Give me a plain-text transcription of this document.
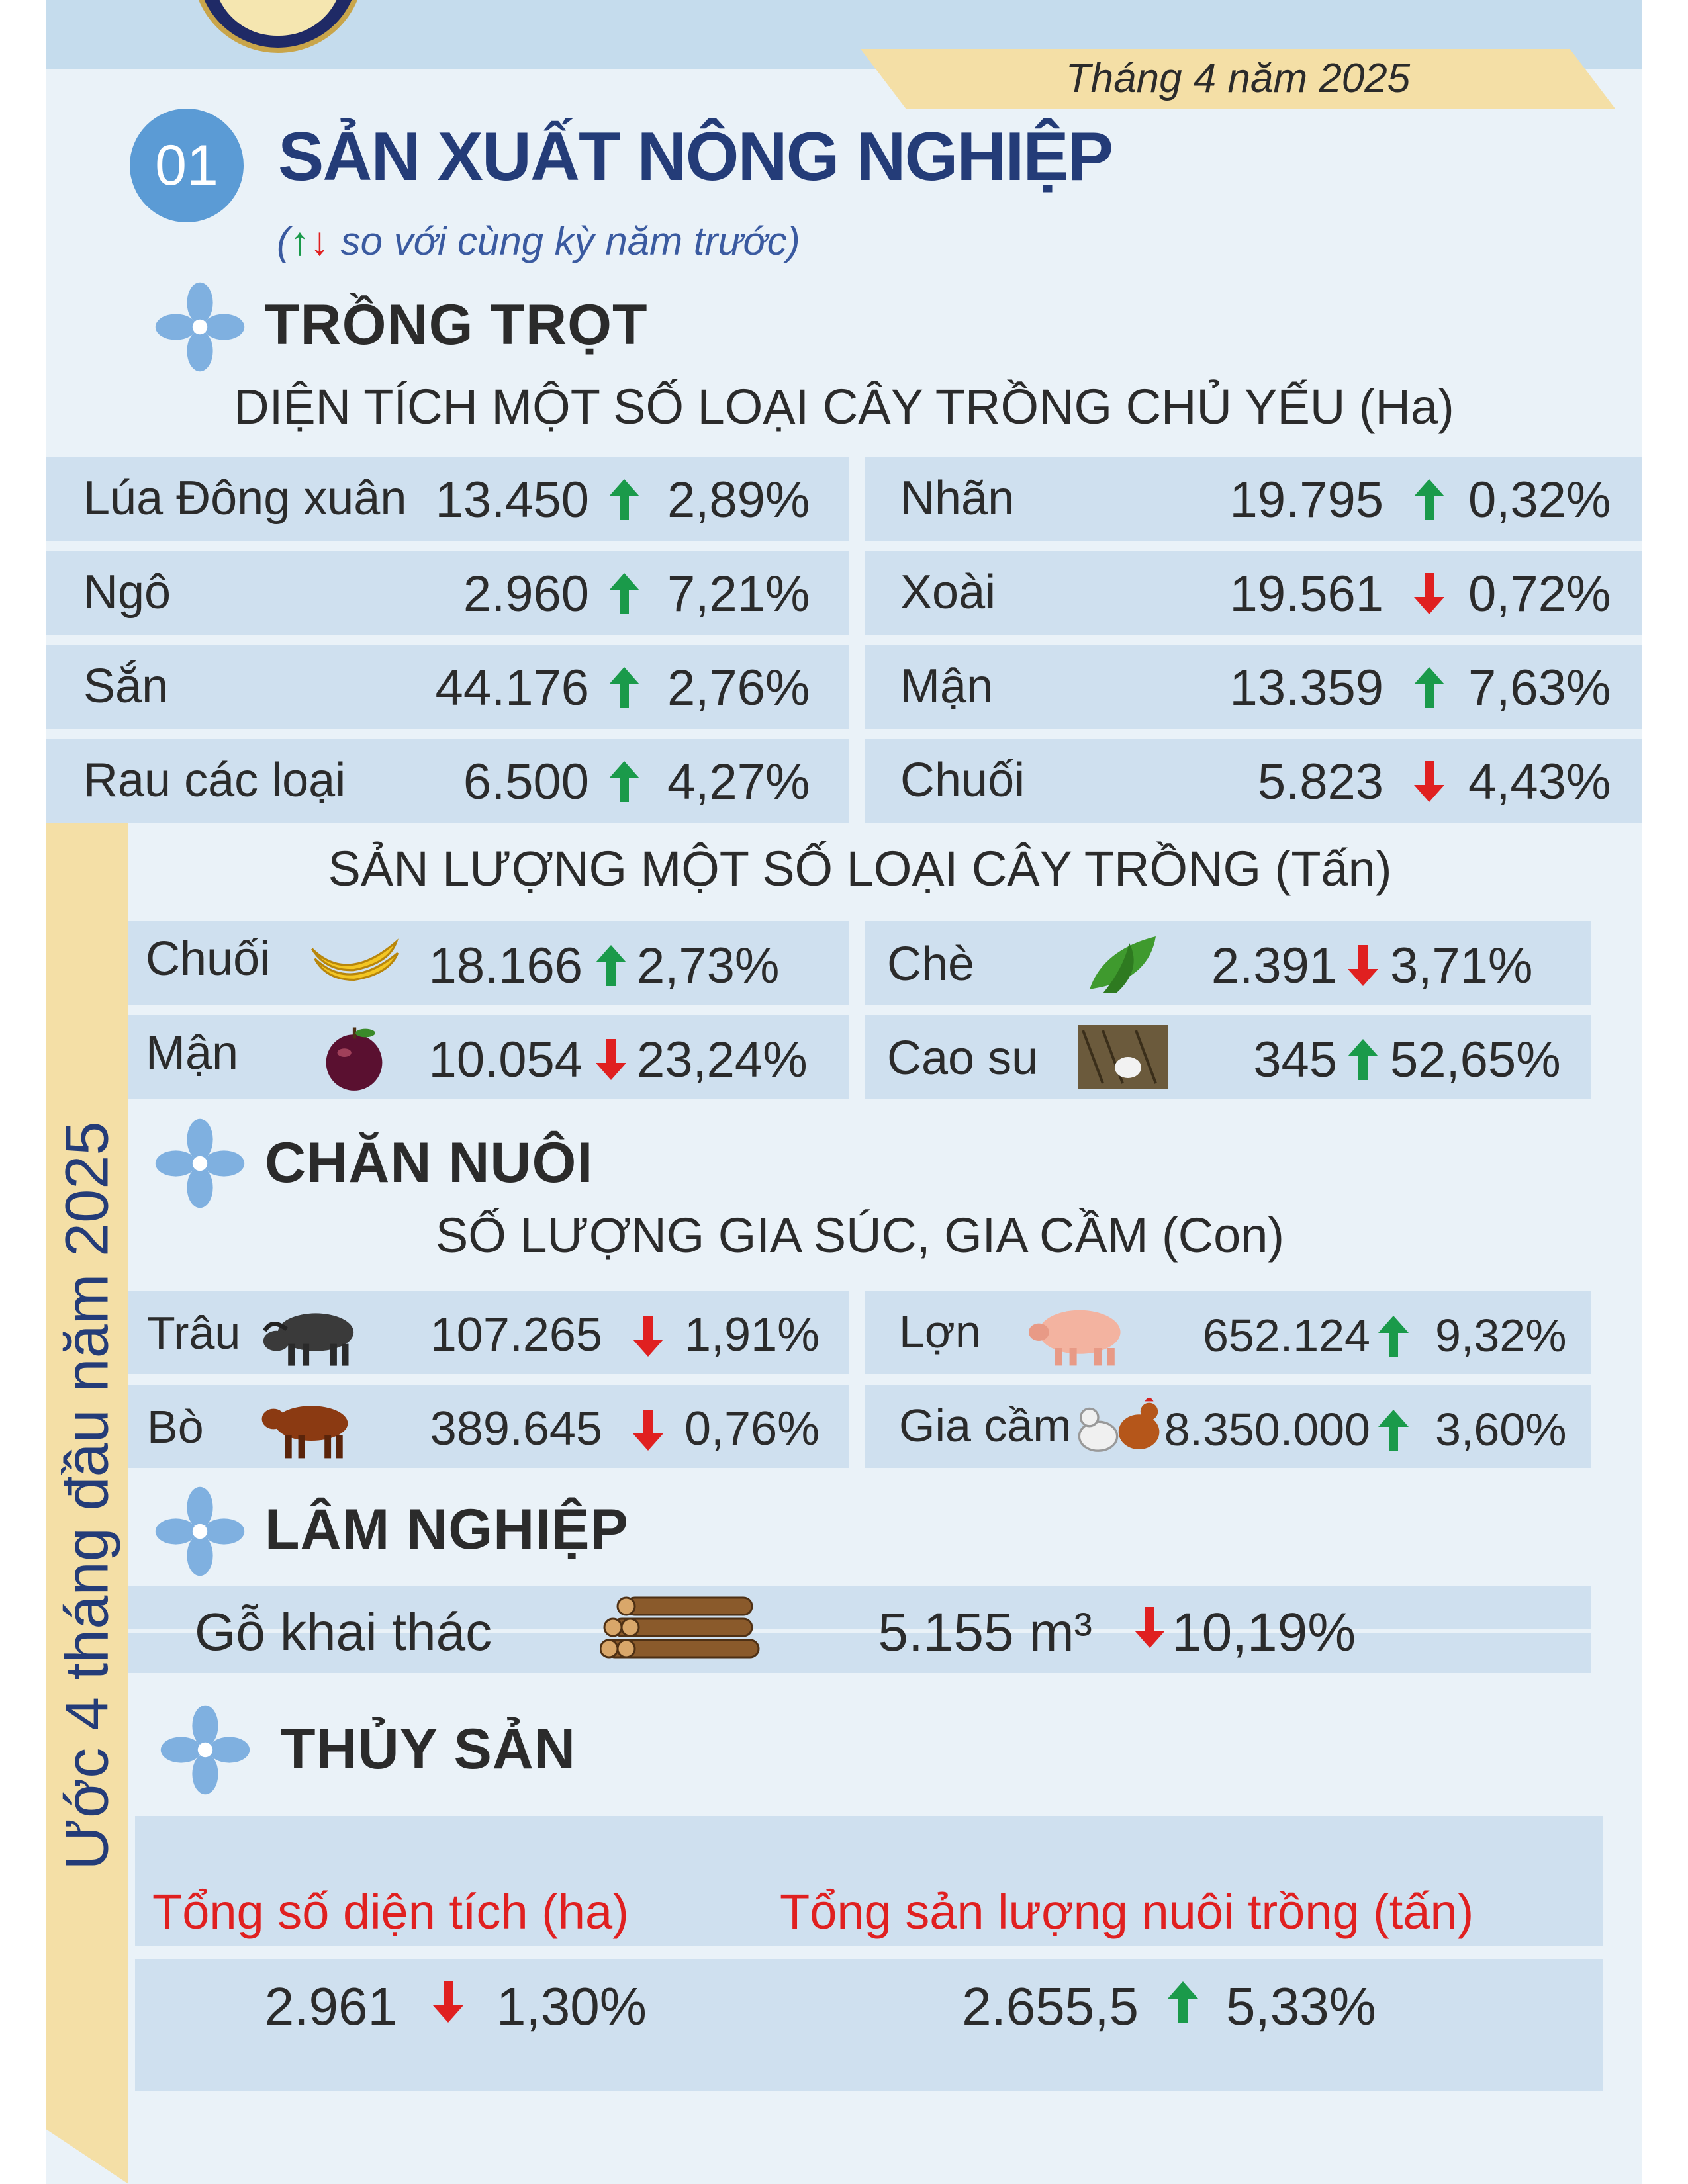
Tháng 4 năm 2025
01 SẢN XUẤT NÔNG NGHIỆP
(↑↓ so với cùng kỳ năm trước)
Ước 4 tháng đầu năm 2025
TRỒNG TRỌT
DIỆN TÍCH MỘT SỐ LOẠI CÂY TRỒNG CHỦ YẾU (Ha)
Lúa Đông xuân 13.450 2,89%
Ngô	2.960 7,21%
Sắn	44.176 2,76%
Rau các loại	6.500 4,27%
Nhãn	19.795 0,32%
Xoài	19.561 0,72%
Mận	13.359 7,63%
Chuối	5.823 4,43%
SẢN LƯỢNG MỘT SỐ LOẠI CÂY TRỒNG (Tấn)
Chuối	18.166 2,73%
Mận	10.054 23,24%
Chè	2.391 3,71%
Cao su	345 52,65%
CHĂN NUÔI
SỐ LƯỢNG GIA SÚC, GIA CẦM (Con)
Trâu	107.265 1,91%
Bò	389.645 0,76%
Lợn	652.124 9,32%
Gia cầm 8.350.000 3,60%
LÂM NGHIỆP
Gỗ khai thác	5.155 m³ 10,19%
THỦY SẢN
Tổng số diện tích (ha)	Tổng sản lượng nuôi trồng (tấn)
2.961 1,30%	2.655,5 5,33%
